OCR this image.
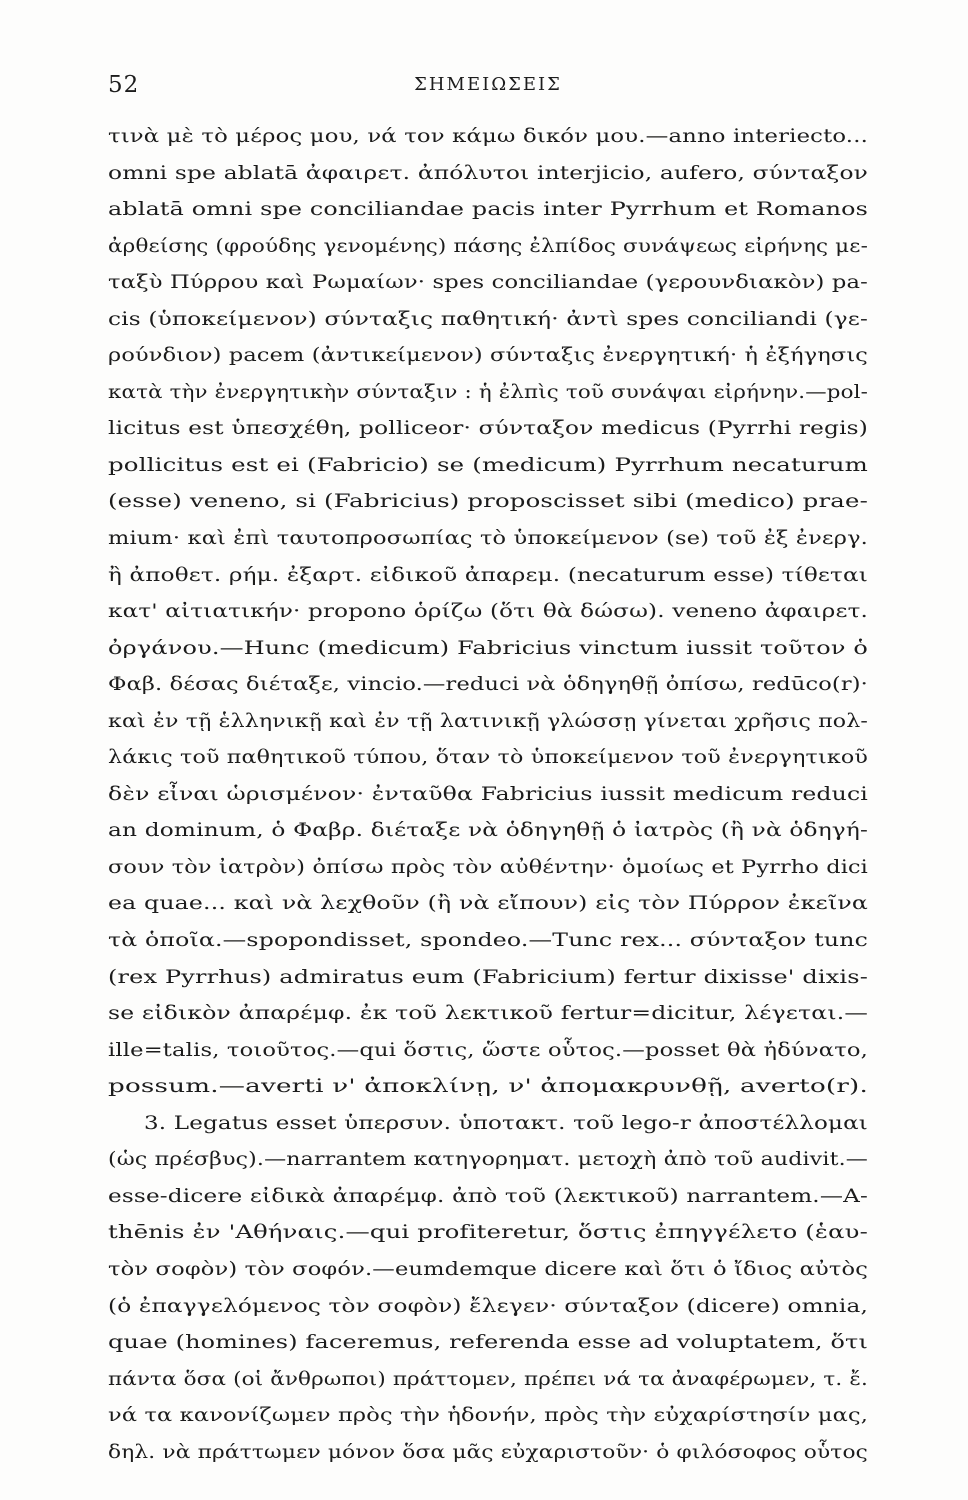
52	ΣΗΜΕΙΩΣΕΙΣ
τινὰ μὲ τὸ μέρος μου, νά τον κάμω δικόν μου.—anno interiecto...
omni spe ablatā ἀφαιρετ. ἀπόλυτοι interjicio, aufero, σύνταξον
ablatā omni spe conciliandae pacis inter Pyrrhum et Romanos
ἀρθείσης (φρούδης γενομένης) πάσης ἐλπίδος συνάψεως εἰρήνης με-
ταξὺ Πύρρου καὶ Ρωμαίων· spes conciliandae (γερουνδιακὸν) pa-
cis (ὑποκείμενον) σύνταξις παθητική· ἀντὶ spes conciliandi (γε-
ρούνδιον) pacem (ἀντικείμενον) σύνταξις ἐνεργητική· ἡ ἐξήγησις
κατὰ τὴν ἐνεργητικὴν σύνταξιν : ἡ ἐλπὶς τοῦ συνάψαι εἰρήνην.—pol-
licitus est ὑπεσχέθη, polliceor· σύνταξον medicus (Pyrrhi regis)
pollicitus est ei (Fabricio) se (medicum) Pyrrhum necaturum
(esse) veneno, si (Fabricius) proposcisset sibi (medico) prae-
mium· καὶ ἐπὶ ταυτοπροσωπίας τὸ ὑποκείμενον (se) τοῦ ἐξ ἐνεργ.
ἢ ἀποθετ. ρήμ. ἐξαρτ. εἰδικοῦ ἀπαρεμ. (necaturum esse) τίθεται
κατ' αἰτιατικήν· propono ὁρίζω (ὅτι θὰ δώσω). veneno ἀφαιρετ.
ὀργάνου.—Hunc (medicum) Fabricius vinctum iussit τοῦτον ὁ
Φαβ. δέσας διέταξε, vincio.—reduci νὰ ὁδηγηθῇ ὀπίσω, redūco(r)·
καὶ ἐν τῇ ἑλληνικῇ καὶ ἐν τῇ λατινικῇ γλώσσῃ γίνεται χρῆσις πολ-
λάκις τοῦ παθητικοῦ τύπου, ὅταν τὸ ὑποκείμενον τοῦ ἐνεργητικοῦ
δὲν εἶναι ὡρισμένον· ἐνταῦθα Fabricius iussit medicum reduci
an dominum, ὁ Φαβρ. διέταξε νὰ ὁδηγηθῇ ὁ ἰατρὸς (ἢ νὰ ὁδηγή-
σουν τὸν ἰατρὸν) ὀπίσω πρὸς τὸν αὐθέντην· ὁμοίως et Pyrrho dici
ea quae... καὶ νὰ λεχθοῦν (ἢ νὰ εἴπουν) εἰς τὸν Πύρρον ἐκεῖνα
τὰ ὁποῖα.—spopondisset, spondeo.—Tunc rex... σύνταξον tunc
(rex Pyrrhus) admiratus eum (Fabricium) fertur dixisse' dixis-
se εἰδικὸν ἀπαρέμφ. ἐκ τοῦ λεκτικοῦ fertur=dicitur, λέγεται.—
ille=talis, τοιοῦτος.—qui ὅστις, ὥστε οὗτος.—posset θὰ ἠδύνατο,
possum.—averti ν' ἀποκλίνῃ, ν' ἀπομακρυνθῇ, averto(r).
3. Legatus esset ὑπερσυν. ὑποτακτ. τοῦ lego-r ἀποστέλλομαι
(ὡς πρέσβυς).—narrantem κατηγορηματ. μετοχὴ ἀπὸ τοῦ audivit.—
esse-dicere εἰδικὰ ἀπαρέμφ. ἀπὸ τοῦ (λεκτικοῦ) narrantem.—A-
thēnis ἐν 'Αθήναις.—qui profiteretur, ὅστις ἐπηγγέλετο (ἑαυ-
τὸν σοφὸν) τὸν σοφόν.—eumdemque dicere καὶ ὅτι ὁ ἴδιος αὐτὸς
(ὁ ἐπαγγελόμενος τὸν σοφὸν) ἔλεγεν· σύνταξον (dicere) omnia,
quae (homines) faceremus, referenda esse ad voluptatem, ὅτι
πάντα ὅσα (οἱ ἄνθρωποι) πράττομεν, πρέπει νά τα ἀναφέρωμεν, τ. ἔ.
νά τα κανονίζωμεν πρὸς τὴν ἡδονήν, πρὸς τὴν εὐχαρίστησίν μας,
δηλ. νὰ πράττωμεν μόνον ὅσα μᾶς εὐχαριστοῦν· ὁ φιλόσοφος οὗτος
